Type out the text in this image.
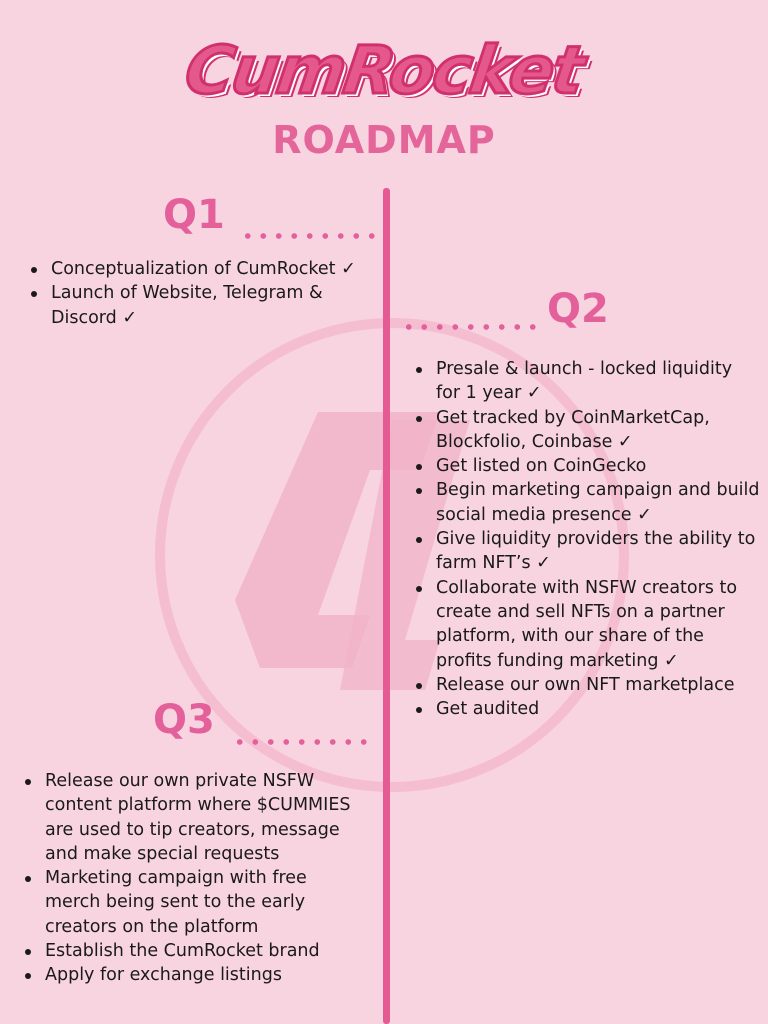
CumRocket
ROADMAP
Q1
Conceptualization of CumRocket ✓
Launch of Website, Telegram & Discord ✓	Q2
Presale & launch - locked liquidity for 1 year ✓
Get tracked by CoinMarketCap, Blockfolio, Coinbase ✓
Get listed on CoinGecko
Begin marketing campaign and build social media presence ✓
Give liquidity providers the ability to farm NFT’s ✓
Collaborate with NSFW creators to create and sell NFTs on a partner platform, with our share of the profits funding marketing ✓
Release our own NFT marketplace
Get audited
Q3
Release our own private NSFW content platform where $CUMMIES are used to tip creators, message and make special requests
Marketing campaign with free merch being sent to the early creators on the platform
Establish the CumRocket brand
Apply for exchange listings
